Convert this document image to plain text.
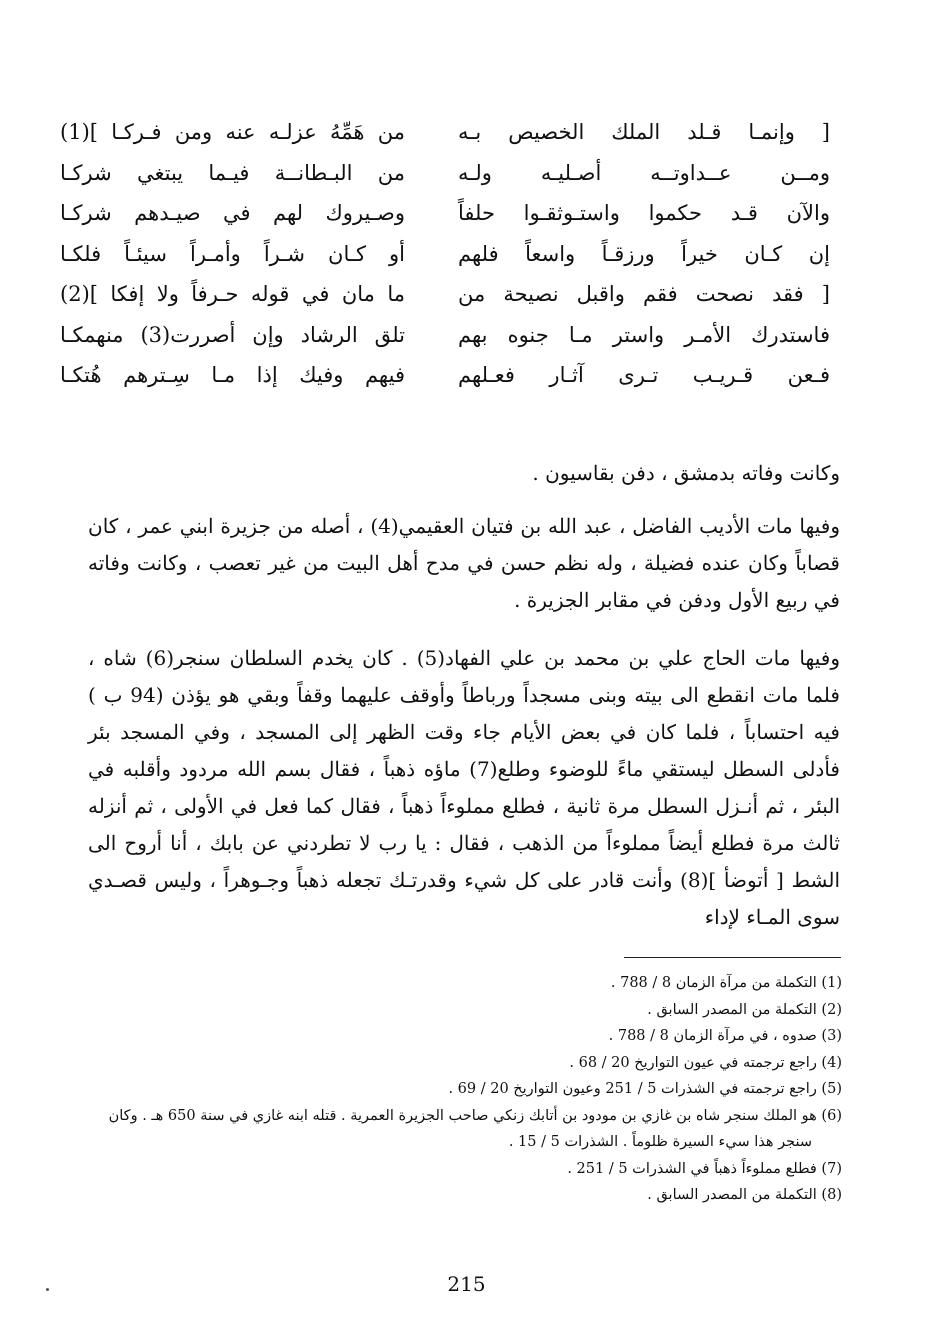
[ وإنمـا قـلد الملك الخصيص بـه
ومــن عــداوتــه أصـليـه ولـه
والآن قـد حكموا واستـوثقـوا حلفاً
إن كـان خيراً ورزقـاً واسعاً فلهم
[ فقد نصحت فقم واقبل نصيحة من
فاستدرك الأمـر واستر مـا جنوه بهم
فـعن قـريـب تـرى آثـار فعـلهم
من هَمِّهُ عزلـه عنه ومن فـركـا ](1)
من البـطانــة فيـما يبتغي شركـا
وصـيروك لهم في صيـدهم شركـا
أو كـان شـراً وأمـراً سيئـاً فلكـا
ما مان في قوله حـرفاً ولا إفكا ](2)
تلق الرشاد وإن أصررت(3) منهمكـا
فيهم وفيك إذا مـا سِـترهم هُتكـا

وكانت وفاته بدمشق ، دفن بقاسيون .

وفيها مات الأديب الفاضل ، عبد الله بن فتيان العقيمي(4) ، أصله من جزيرة ابني عمر ، كان قصاباً وكان عنده فضيلة ، وله نظم حسن في مدح أهل البيت من غير تعصب ، وكانت وفاته في ربيع الأول ودفن في مقابر الجزيرة .

وفيها مات الحاج علي بن محمد بن علي الفهاد(5) . كان يخدم السلطان سنجر(6) شاه ، فلما مات انقطع الى بيته وبنى مسجداً ورباطاً وأوقف عليهما وقفاً وبقي هو يؤذن (94 ب ) فيه احتساباً ، فلما كان في بعض الأيام جاء وقت الظهر إلى المسجد ، وفي المسجد بئر فأدلى السطل ليستقي ماءً للوضوء وطلع(7) ماؤه ذهباً ، فقال بسم الله مردود وأقلبه في البئر ، ثم أنـزل السطل مرة ثانية ، فطلع مملوءاً ذهباً ، فقال كما فعل في الأولى ، ثم أنزله ثالث مرة فطلع أيضاً مملوءاً من الذهب ، فقال : يا رب لا تطردني عن بابك ، أنا أروح الى الشط [ أتوضأ ](8) وأنت قادر على كل شيء وقدرتـك تجعله ذهباً وجـوهراً ، وليس قصـدي سوى المـاء لإداء

(1) التكملة من مرآة الزمان 8 / 788 .

(2) التكملة من المصدر السابق .

(3) صدوه ، في مرآة الزمان 8 / 788 .

(4) راجع ترجمته في عيون التواريخ 20 / 68 .

(5) راجع ترجمته في الشذرات 5 / 251 وعيون التواريخ 20 / 69 .

(6) هو الملك سنجر شاه بن غازي بن مودود بن أتابك زنكي صاحب الجزيرة العمرية . قتله ابنه غازي في سنة 650 هـ . وكان

سنجر هذا سيء السيرة ظلوماً . الشذرات 5 / 15 .

(7) فطلع مملوءاً ذهباً في الشذرات 5 / 251 .

(8) التكملة من المصدر السابق .

215
